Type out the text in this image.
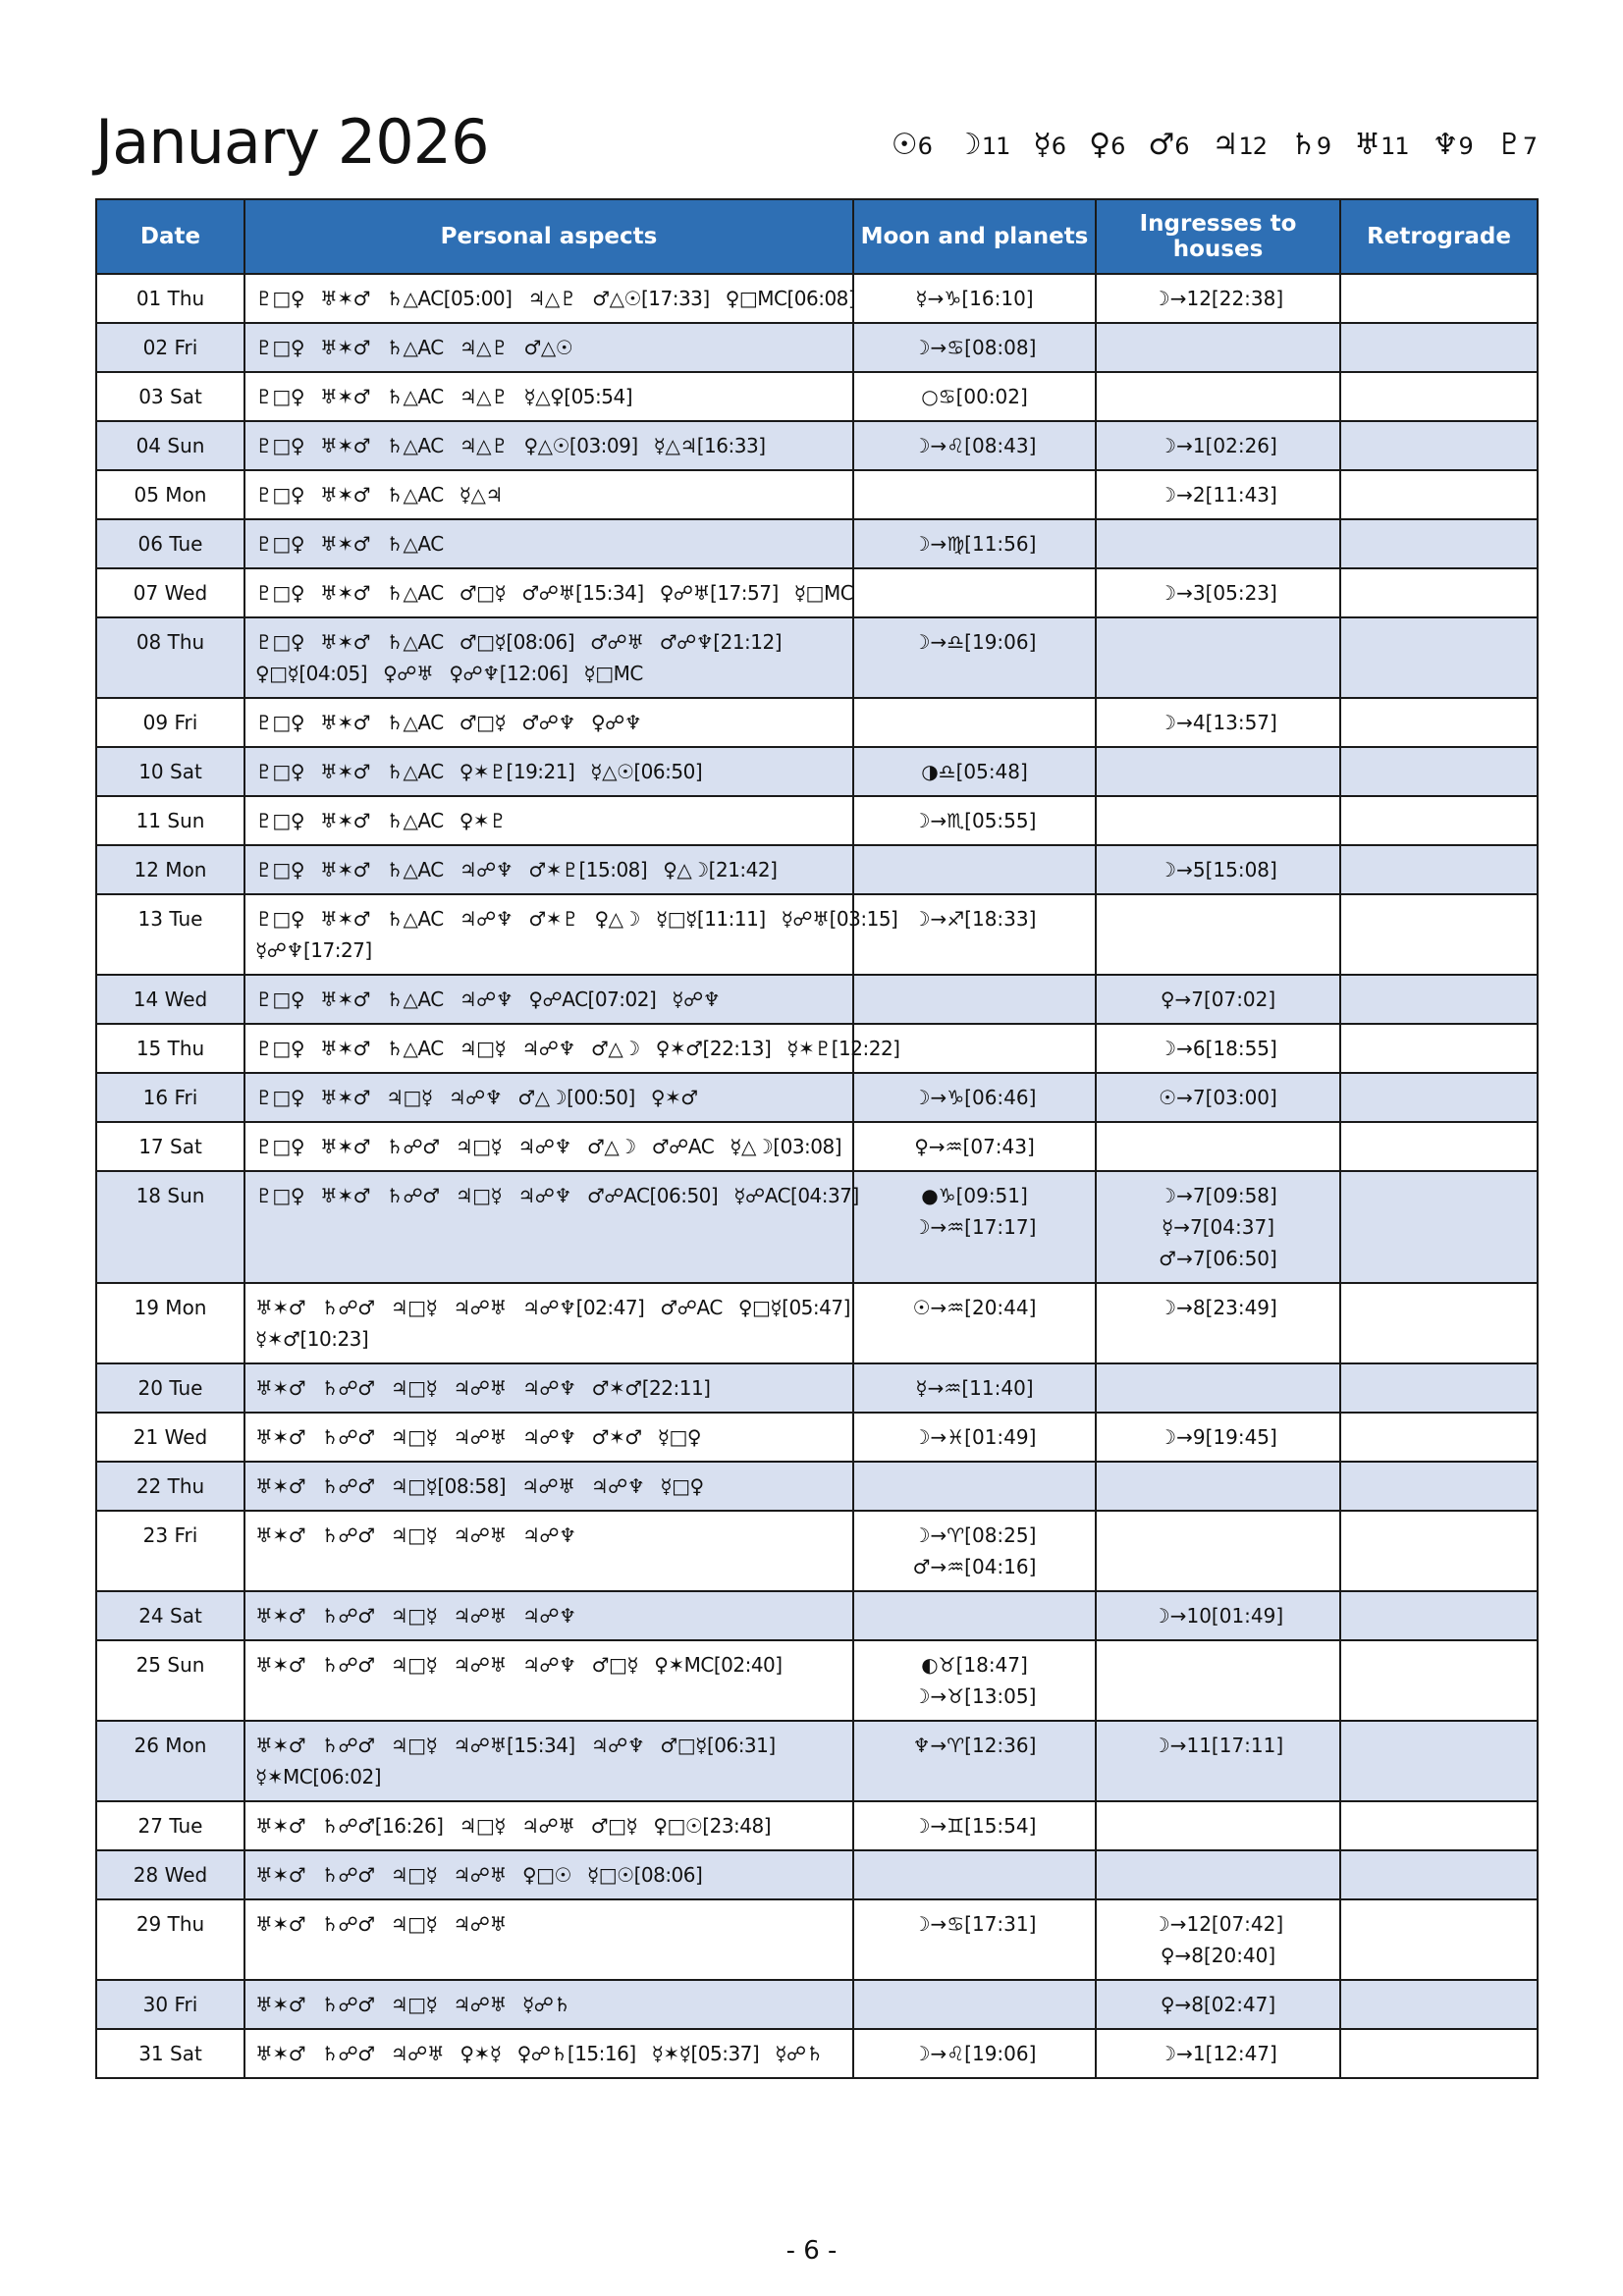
January 2026	☉6 ☽11 ☿6 ♀6 ♂6 ♃12 ♄9 ♅11 ♆9 ♇7
Date	Personal aspects	Moon and planets	Ingresses to houses	Retrograde
01 Thu	♇□♀ ♅✶♂ ♄△AC[05:00] ♃△♇ ♂△☉[17:33] ♀□MC[06:08]	☿→♑[16:10]	☽→12[22:38]	

02 Fri	♇□♀ ♅✶♂ ♄△AC ♃△♇ ♂△☉	☽→♋[08:08]		

03 Sat	♇□♀ ♅✶♂ ♄△AC ♃△♇ ☿△♀[05:54]	○♋[00:02]		

04 Sun	♇□♀ ♅✶♂ ♄△AC ♃△♇ ♀△☉[03:09] ☿△♃[16:33]	☽→♌[08:43]	☽→1[02:26]	

05 Mon	♇□♀ ♅✶♂ ♄△AC ☿△♃		☽→2[11:43]	

06 Tue	♇□♀ ♅✶♂ ♄△AC	☽→♍[11:56]		

07 Wed	♇□♀ ♅✶♂ ♄△AC ♂□☿ ♂☍♅[15:34] ♀☍♅[17:57] ☿□MC		☽→3[05:23]	

08 Thu	♇□♀ ♅✶♂ ♄△AC ♂□☿[08:06] ♂☍♅ ♂☍♆[21:12]
♀□☿[04:05] ♀☍♅ ♀☍♆[12:06] ☿□MC	☽→♎[19:06]		

09 Fri	♇□♀ ♅✶♂ ♄△AC ♂□☿ ♂☍♆ ♀☍♆		☽→4[13:57]	

10 Sat	♇□♀ ♅✶♂ ♄△AC ♀✶♇[19:21] ☿△☉[06:50]	◑♎[05:48]		

11 Sun	♇□♀ ♅✶♂ ♄△AC ♀✶♇	☽→♏[05:55]		

12 Mon	♇□♀ ♅✶♂ ♄△AC ♃☍♆ ♂✶♇[15:08] ♀△☽[21:42]		☽→5[15:08]	

13 Tue	♇□♀ ♅✶♂ ♄△AC ♃☍♆ ♂✶♇ ♀△☽ ☿□☿[11:11] ☿☍♅[03:15]
☿☍♆[17:27]	☽→♐[18:33]		

14 Wed	♇□♀ ♅✶♂ ♄△AC ♃☍♆ ♀☍AC[07:02] ☿☍♆		♀→7[07:02]	

15 Thu	♇□♀ ♅✶♂ ♄△AC ♃□☿ ♃☍♆ ♂△☽ ♀✶♂[22:13] ☿✶♇[12:22]		☽→6[18:55]	

16 Fri	♇□♀ ♅✶♂ ♃□☿ ♃☍♆ ♂△☽[00:50] ♀✶♂	☽→♑[06:46]	☉→7[03:00]	

17 Sat	♇□♀ ♅✶♂ ♄☍♂ ♃□☿ ♃☍♆ ♂△☽ ♂☍AC ☿△☽[03:08]	♀→♒[07:43]		

18 Sun	♇□♀ ♅✶♂ ♄☍♂ ♃□☿ ♃☍♆ ♂☍AC[06:50] ☿☍AC[04:37]	●♑[09:51] ☽→♒[17:17]	☽→7[09:58] ☿→7[04:37]
♂→7[06:50]	

19 Mon	♅✶♂ ♄☍♂ ♃□☿ ♃☍♅ ♃☍♆[02:47] ♂☍AC ♀□☿[05:47]
☿✶♂[10:23]	☉→♒[20:44]	☽→8[23:49]	

20 Tue	♅✶♂ ♄☍♂ ♃□☿ ♃☍♅ ♃☍♆ ♂✶♂[22:11]	☿→♒[11:40]		

21 Wed	♅✶♂ ♄☍♂ ♃□☿ ♃☍♅ ♃☍♆ ♂✶♂ ☿□♀	☽→♓[01:49]	☽→9[19:45]	

22 Thu	♅✶♂ ♄☍♂ ♃□☿[08:58] ♃☍♅ ♃☍♆ ☿□♀			

23 Fri	♅✶♂ ♄☍♂ ♃□☿ ♃☍♅ ♃☍♆	☽→♈[08:25]
♂→♒[04:16]		

24 Sat	♅✶♂ ♄☍♂ ♃□☿ ♃☍♅ ♃☍♆		☽→10[01:49]	

25 Sun	♅✶♂ ♄☍♂ ♃□☿ ♃☍♅ ♃☍♆ ♂□☿ ♀✶MC[02:40]	◐♉[18:47] ☽→♉[13:05]		

26 Mon	♅✶♂ ♄☍♂ ♃□☿ ♃☍♅[15:34] ♃☍♆ ♂□☿[06:31]
☿✶MC[06:02]	♆→♈[12:36]	☽→11[17:11]	

27 Tue	♅✶♂ ♄☍♂[16:26] ♃□☿ ♃☍♅ ♂□☿ ♀□☉[23:48]	☽→♊[15:54]		

28 Wed	♅✶♂ ♄☍♂ ♃□☿ ♃☍♅ ♀□☉ ☿□☉[08:06]			

29 Thu	♅✶♂ ♄☍♂ ♃□☿ ♃☍♅	☽→♋[17:31]	☽→12[07:42] ♀→8[20:40]	

30 Fri	♅✶♂ ♄☍♂ ♃□☿ ♃☍♅ ☿☍♄		♀→8[02:47]	

31 Sat	♅✶♂ ♄☍♂ ♃☍♅ ♀✶☿ ♀☍♄[15:16] ☿✶☿[05:37] ☿☍♄	☽→♌[19:06]	☽→1[12:47]	

- 6 -
